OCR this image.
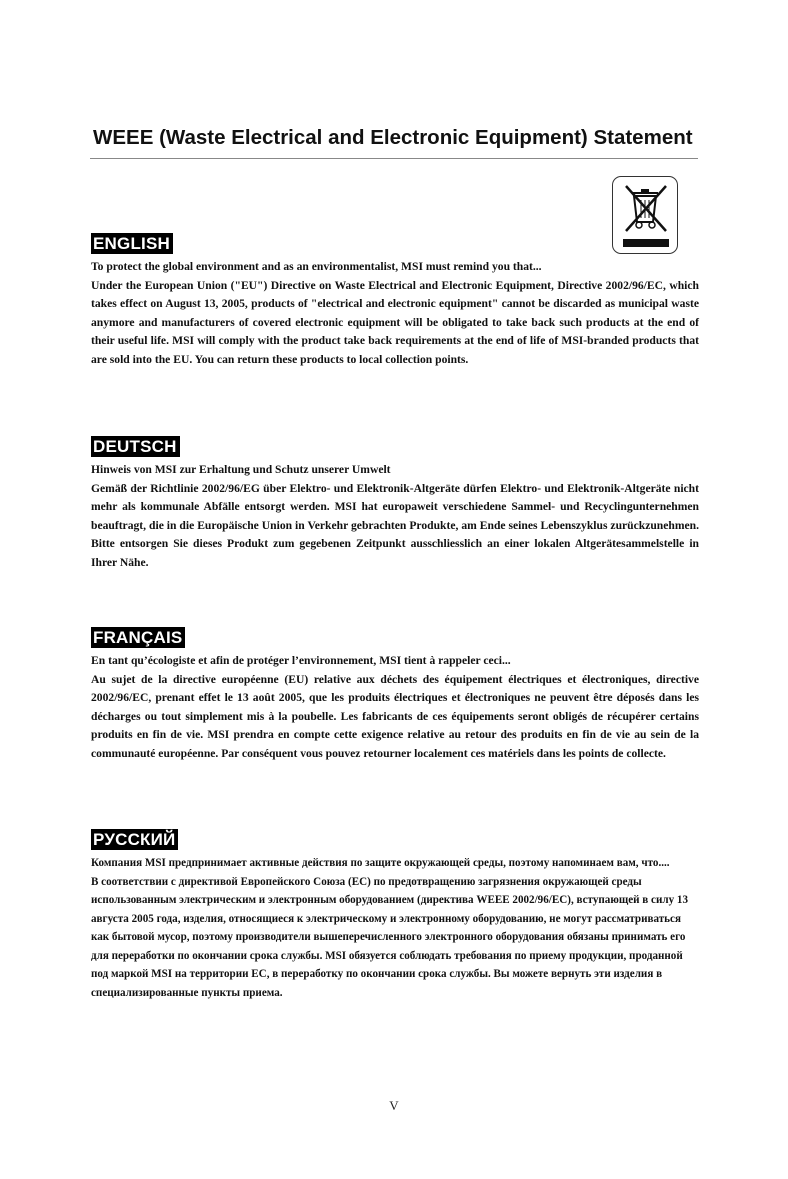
WEEE (Waste Electrical and Electronic Equipment) Statement
ENGLISH

To protect the global environment and as an environmentalist, MSI must remind you that...

Under the European Union ("EU") Directive on Waste Electrical and Electronic Equipment, Directive 2002/96/EC, which takes effect on August 13, 2005, products of "electrical and electronic equipment" cannot be discarded as municipal waste anymore and manufacturers of covered electronic equipment will be obligated to take back such products at the end of their useful life. MSI will comply with the product take back requirements at the end of life of MSI-branded products that are sold into the EU. You can return these products to local collection points.

DEUTSCH

Hinweis von MSI zur Erhaltung und Schutz unserer Umwelt

Gemäß der Richtlinie 2002/96/EG über Elektro- und Elektronik-Altgeräte dürfen Elektro- und Elektronik-Altgeräte nicht mehr als kommunale Abfälle entsorgt werden. MSI hat europaweit verschiedene Sammel- und Recyclingunternehmen beauftragt, die in die Europäische Union in Verkehr gebrachten Produkte, am Ende seines Lebenszyklus zurückzunehmen. Bitte entsorgen Sie dieses Produkt zum gegebenen Zeitpunkt ausschliesslich an einer lokalen Altgerätesammelstelle in Ihrer Nähe.

FRANÇAIS

En tant qu’écologiste et afin de protéger l’environnement, MSI tient à rappeler ceci...

Au sujet de la directive européenne (EU) relative aux déchets des équipement électriques et électroniques, directive 2002/96/EC, prenant effet le 13 août 2005, que les produits électriques et électroniques ne peuvent être déposés dans les décharges ou tout simplement mis à la poubelle. Les fabricants de ces équipements seront obligés de récupérer certains produits en fin de vie. MSI prendra en compte cette exigence relative au retour des produits en fin de vie au sein de la communauté européenne. Par conséquent vous pouvez retourner localement ces matériels dans les points de collecte.

РУССКИЙ

Компания MSI предпринимает активные действия по защите окружающей среды, поэтому напоминаем вам, что....

В соответствии с директивой Европейского Союза (ЕС) по предотвращению загрязнения окружающей среды использованным электрическим и электронным оборудованием (директива WEEE 2002/96/EC), вступающей в силу 13 августа 2005 года, изделия, относящиеся к электрическому и электронному оборудованию, не могут рассматриваться как бытовой мусор, поэтому производители вышеперечисленного электронного оборудования обязаны принимать его для переработки по окончании срока службы. MSI обязуется соблюдать требования по приему продукции, проданной под маркой MSI на территории ЕС, в переработку по окончании срока службы. Вы можете вернуть эти изделия в специализированные пункты приема.

V
